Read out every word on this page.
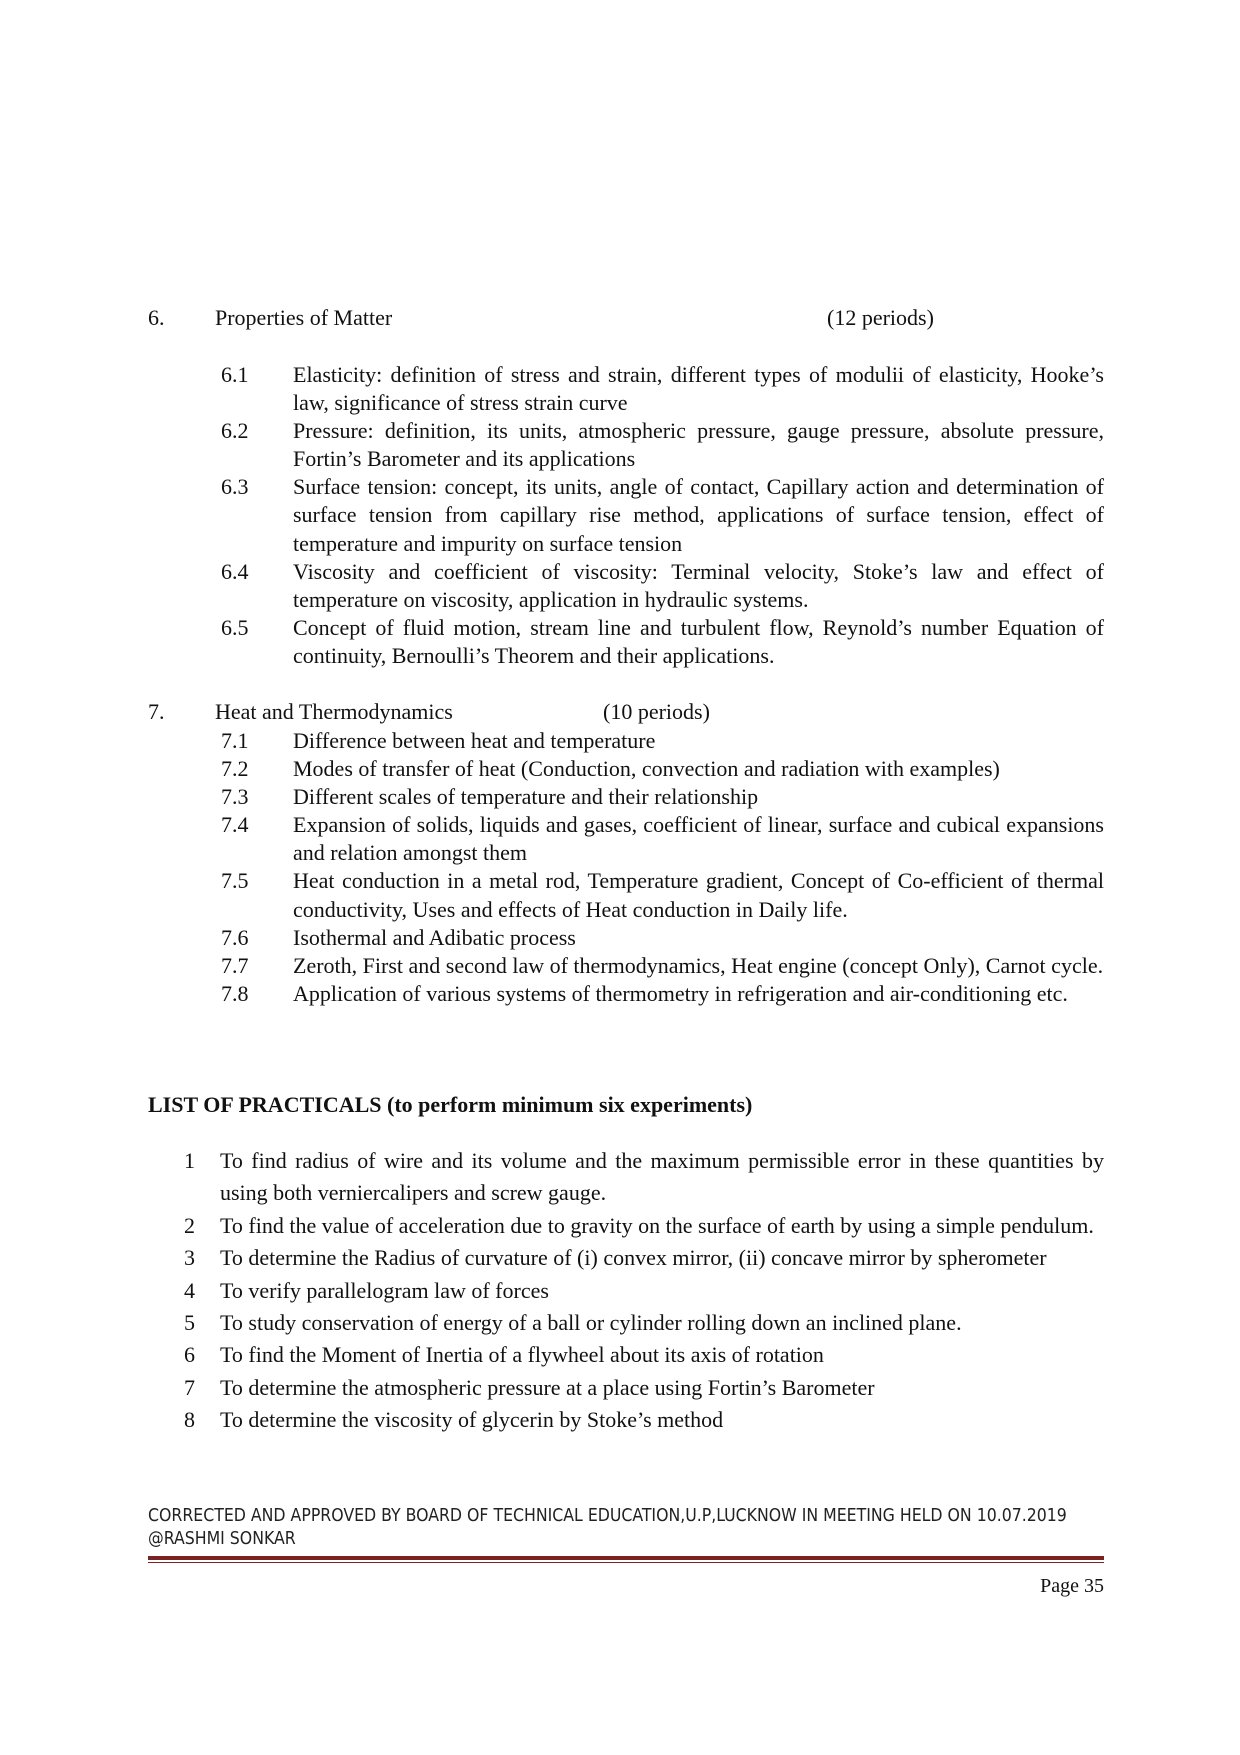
6. Properties of Matter	(12 periods)
6.1 Elasticity: definition of stress and strain, different types of modulii of elasticity, Hooke’s law, significance of stress strain curve
6.2 Pressure: definition, its units, atmospheric pressure, gauge pressure, absolute pressure, Fortin’s Barometer and its applications
6.3 Surface tension: concept, its units, angle of contact, Capillary action and determination of surface tension from capillary rise method, applications of surface tension, effect of temperature and impurity on surface tension
6.4 Viscosity and coefficient of viscosity: Terminal velocity, Stoke’s law and effect of temperature on viscosity, application in hydraulic systems.
6.5 Concept of fluid motion, stream line and turbulent flow, Reynold’s number Equation of continuity, Bernoulli’s Theorem and their applications.
7. Heat and Thermodynamics	(10 periods)
7.1 Difference between heat and temperature
7.2 Modes of transfer of heat (Conduction, convection and radiation with examples)
7.3 Different scales of temperature and their relationship
7.4 Expansion of solids, liquids and gases, coefficient of linear, surface and cubical expansions and relation amongst them
7.5 Heat conduction in a metal rod, Temperature gradient, Concept of Co-efficient of thermal conductivity, Uses and effects of Heat conduction in Daily life.
7.6 Isothermal and Adibatic process
7.7 Zeroth, First and second law of thermodynamics, Heat engine (concept Only), Carnot cycle.
7.8 Application of various systems of thermometry in refrigeration and air-conditioning etc.
LIST OF PRACTICALS (to perform minimum six experiments)
1 To find radius of wire and its volume and the maximum permissible error in these quantities by using both verniercalipers and screw gauge.
2 To find the value of acceleration due to gravity on the surface of earth by using a simple pendulum.
3 To determine the Radius of curvature of (i) convex mirror, (ii) concave mirror by spherometer
4 To verify parallelogram law of forces
5 To study conservation of energy of a ball or cylinder rolling down an inclined plane.
6 To find the Moment of Inertia of a flywheel about its axis of rotation
7 To determine the atmospheric pressure at a place using Fortin’s Barometer
8 To determine the viscosity of glycerin by Stoke’s method
CORRECTED AND APPROVED BY BOARD OF TECHNICAL EDUCATION,U.P,LUCKNOW IN MEETING HELD ON 10.07.2019 @RASHMI SONKAR
Page 35
